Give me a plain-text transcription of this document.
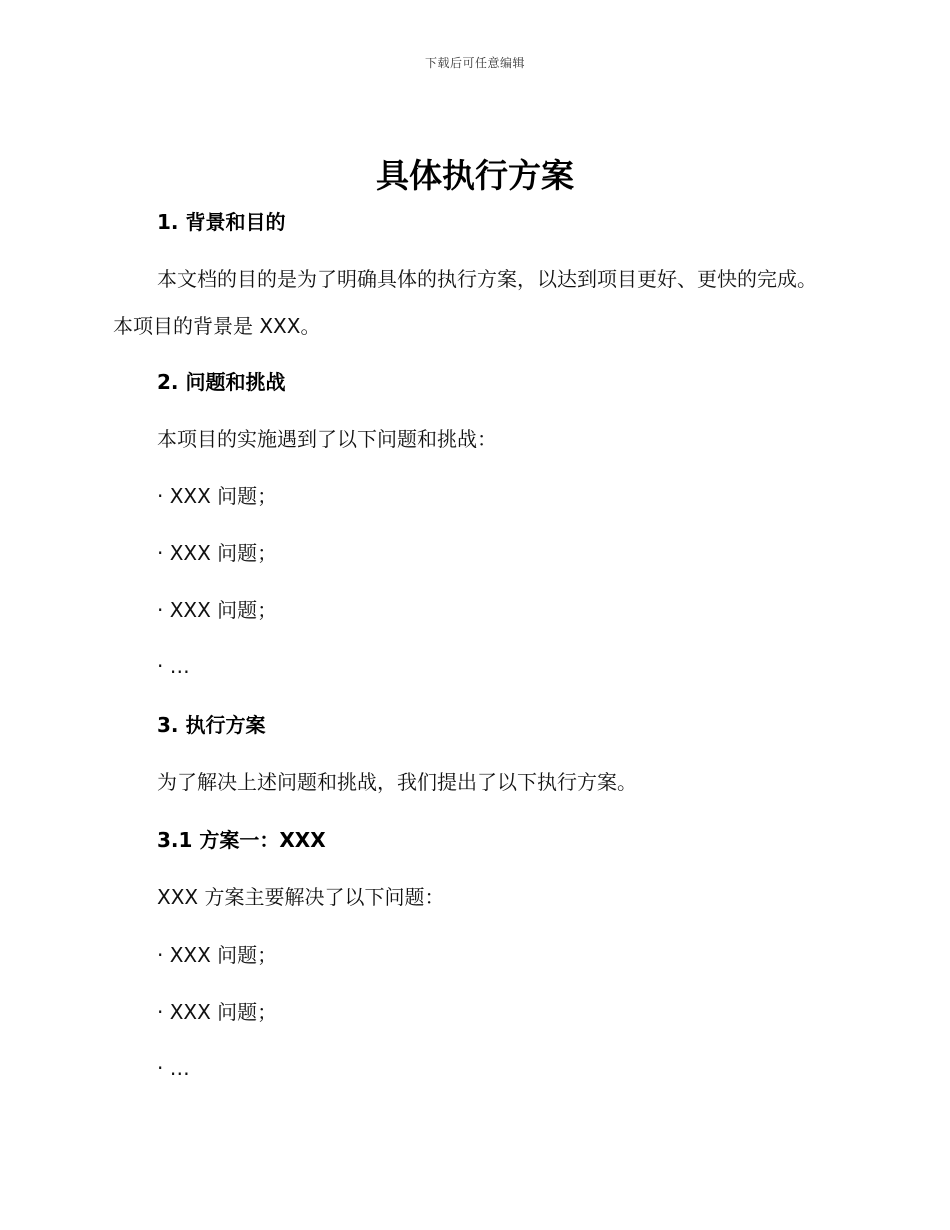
下载后可任意编辑
具体执行方案
1. 背景和目的

本文档的目的是为了明确具体的执行方案，以达到项目更好、更快的完成。本项目的背景是 XXX。

2. 问题和挑战
本项目的实施遇到了以下问题和挑战：
· XXX 问题；
· XXX 问题；
· XXX 问题；
· …
3. 执行方案
为了解决上述问题和挑战，我们提出了以下执行方案。
3.1 方案一：XXX
XXX 方案主要解决了以下问题：
· XXX 问题；
· XXX 问题；
· …
